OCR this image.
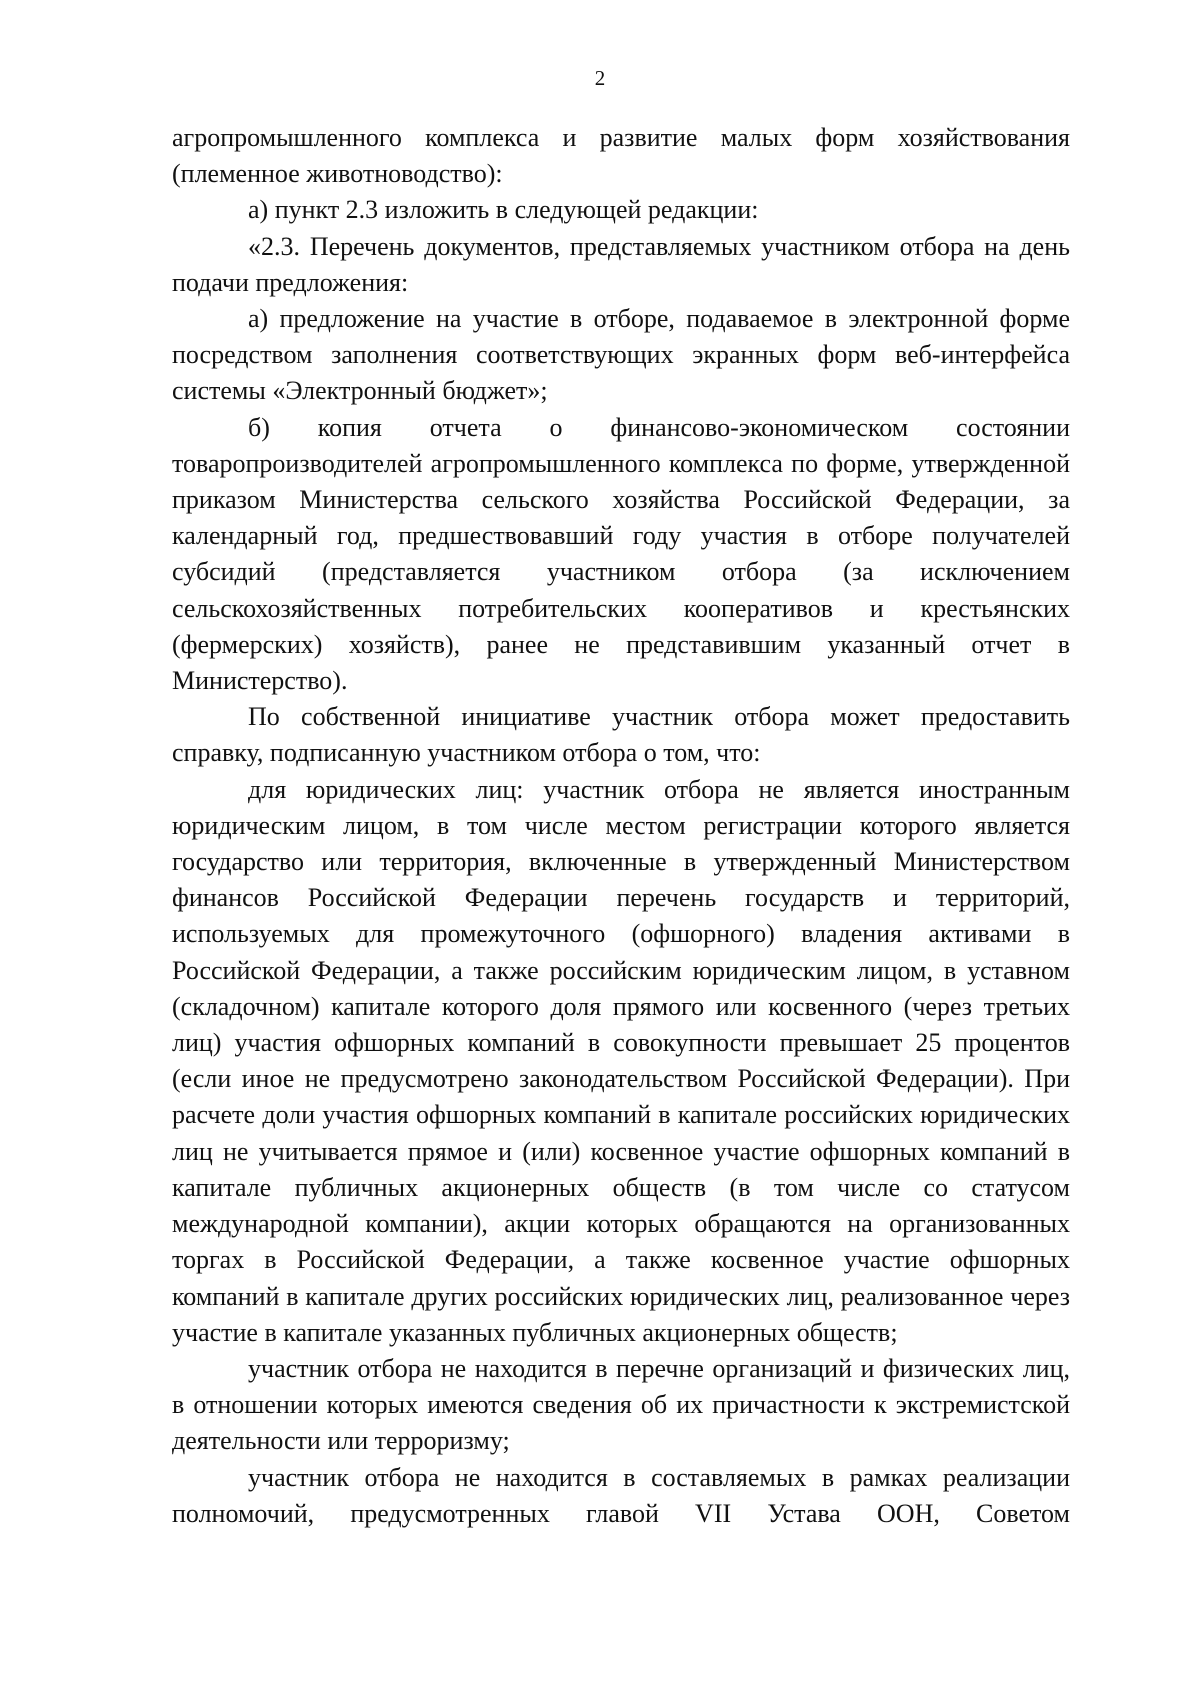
2

агропромышленного комплекса и развитие малых форм хозяйствования (племенное животноводство):

а) пункт 2.3 изложить в следующей редакции:

«2.3. Перечень документов, представляемых участником отбора на день подачи предложения:

а) предложение на участие в отборе, подаваемое в электронной форме посредством заполнения соответствующих экранных форм веб-интерфейса системы «Электронный бюджет»;

б) копия отчета о финансово-экономическом состоянии товаропроизводителей агропромышленного комплекса по форме, утвержденной приказом Министерства сельского хозяйства Российской Федерации, за календарный год, предшествовавший году участия в отборе получателей субсидий (представляется участником отбора (за исключением сельскохозяйственных потребительских кооперативов и крестьянских (фермерских) хозяйств), ранее не представившим указанный отчет в Министерство).

По собственной инициативе участник отбора может предоставить справку, подписанную участником отбора о том, что:

для юридических лиц: участник отбора не является иностранным юридическим лицом, в том числе местом регистрации которого является государство или территория, включенные в утвержденный Министерством финансов Российской Федерации перечень государств и территорий, используемых для промежуточного (офшорного) владения активами в Российской Федерации, а также российским юридическим лицом, в уставном (складочном) капитале которого доля прямого или косвенного (через третьих лиц) участия офшорных компаний в совокупности превышает 25 процентов (если иное не предусмотрено законодательством Российской Федерации). При расчете доли участия офшорных компаний в капитале российских юридических лиц не учитывается прямое и (или) косвенное участие офшорных компаний в капитале публичных акционерных обществ (в том числе со статусом международной компании), акции которых обращаются на организованных торгах в Российской Федерации, а также косвенное участие офшорных компаний в капитале других российских юридических лиц, реализованное через участие в капитале указанных публичных акционерных обществ;

участник отбора не находится в перечне организаций и физических лиц, в отношении которых имеются сведения об их причастности к экстремистской деятельности или терроризму;

участник отбора не находится в составляемых в рамках реализации полномочий, предусмотренных главой VII Устава ООН, Советом
